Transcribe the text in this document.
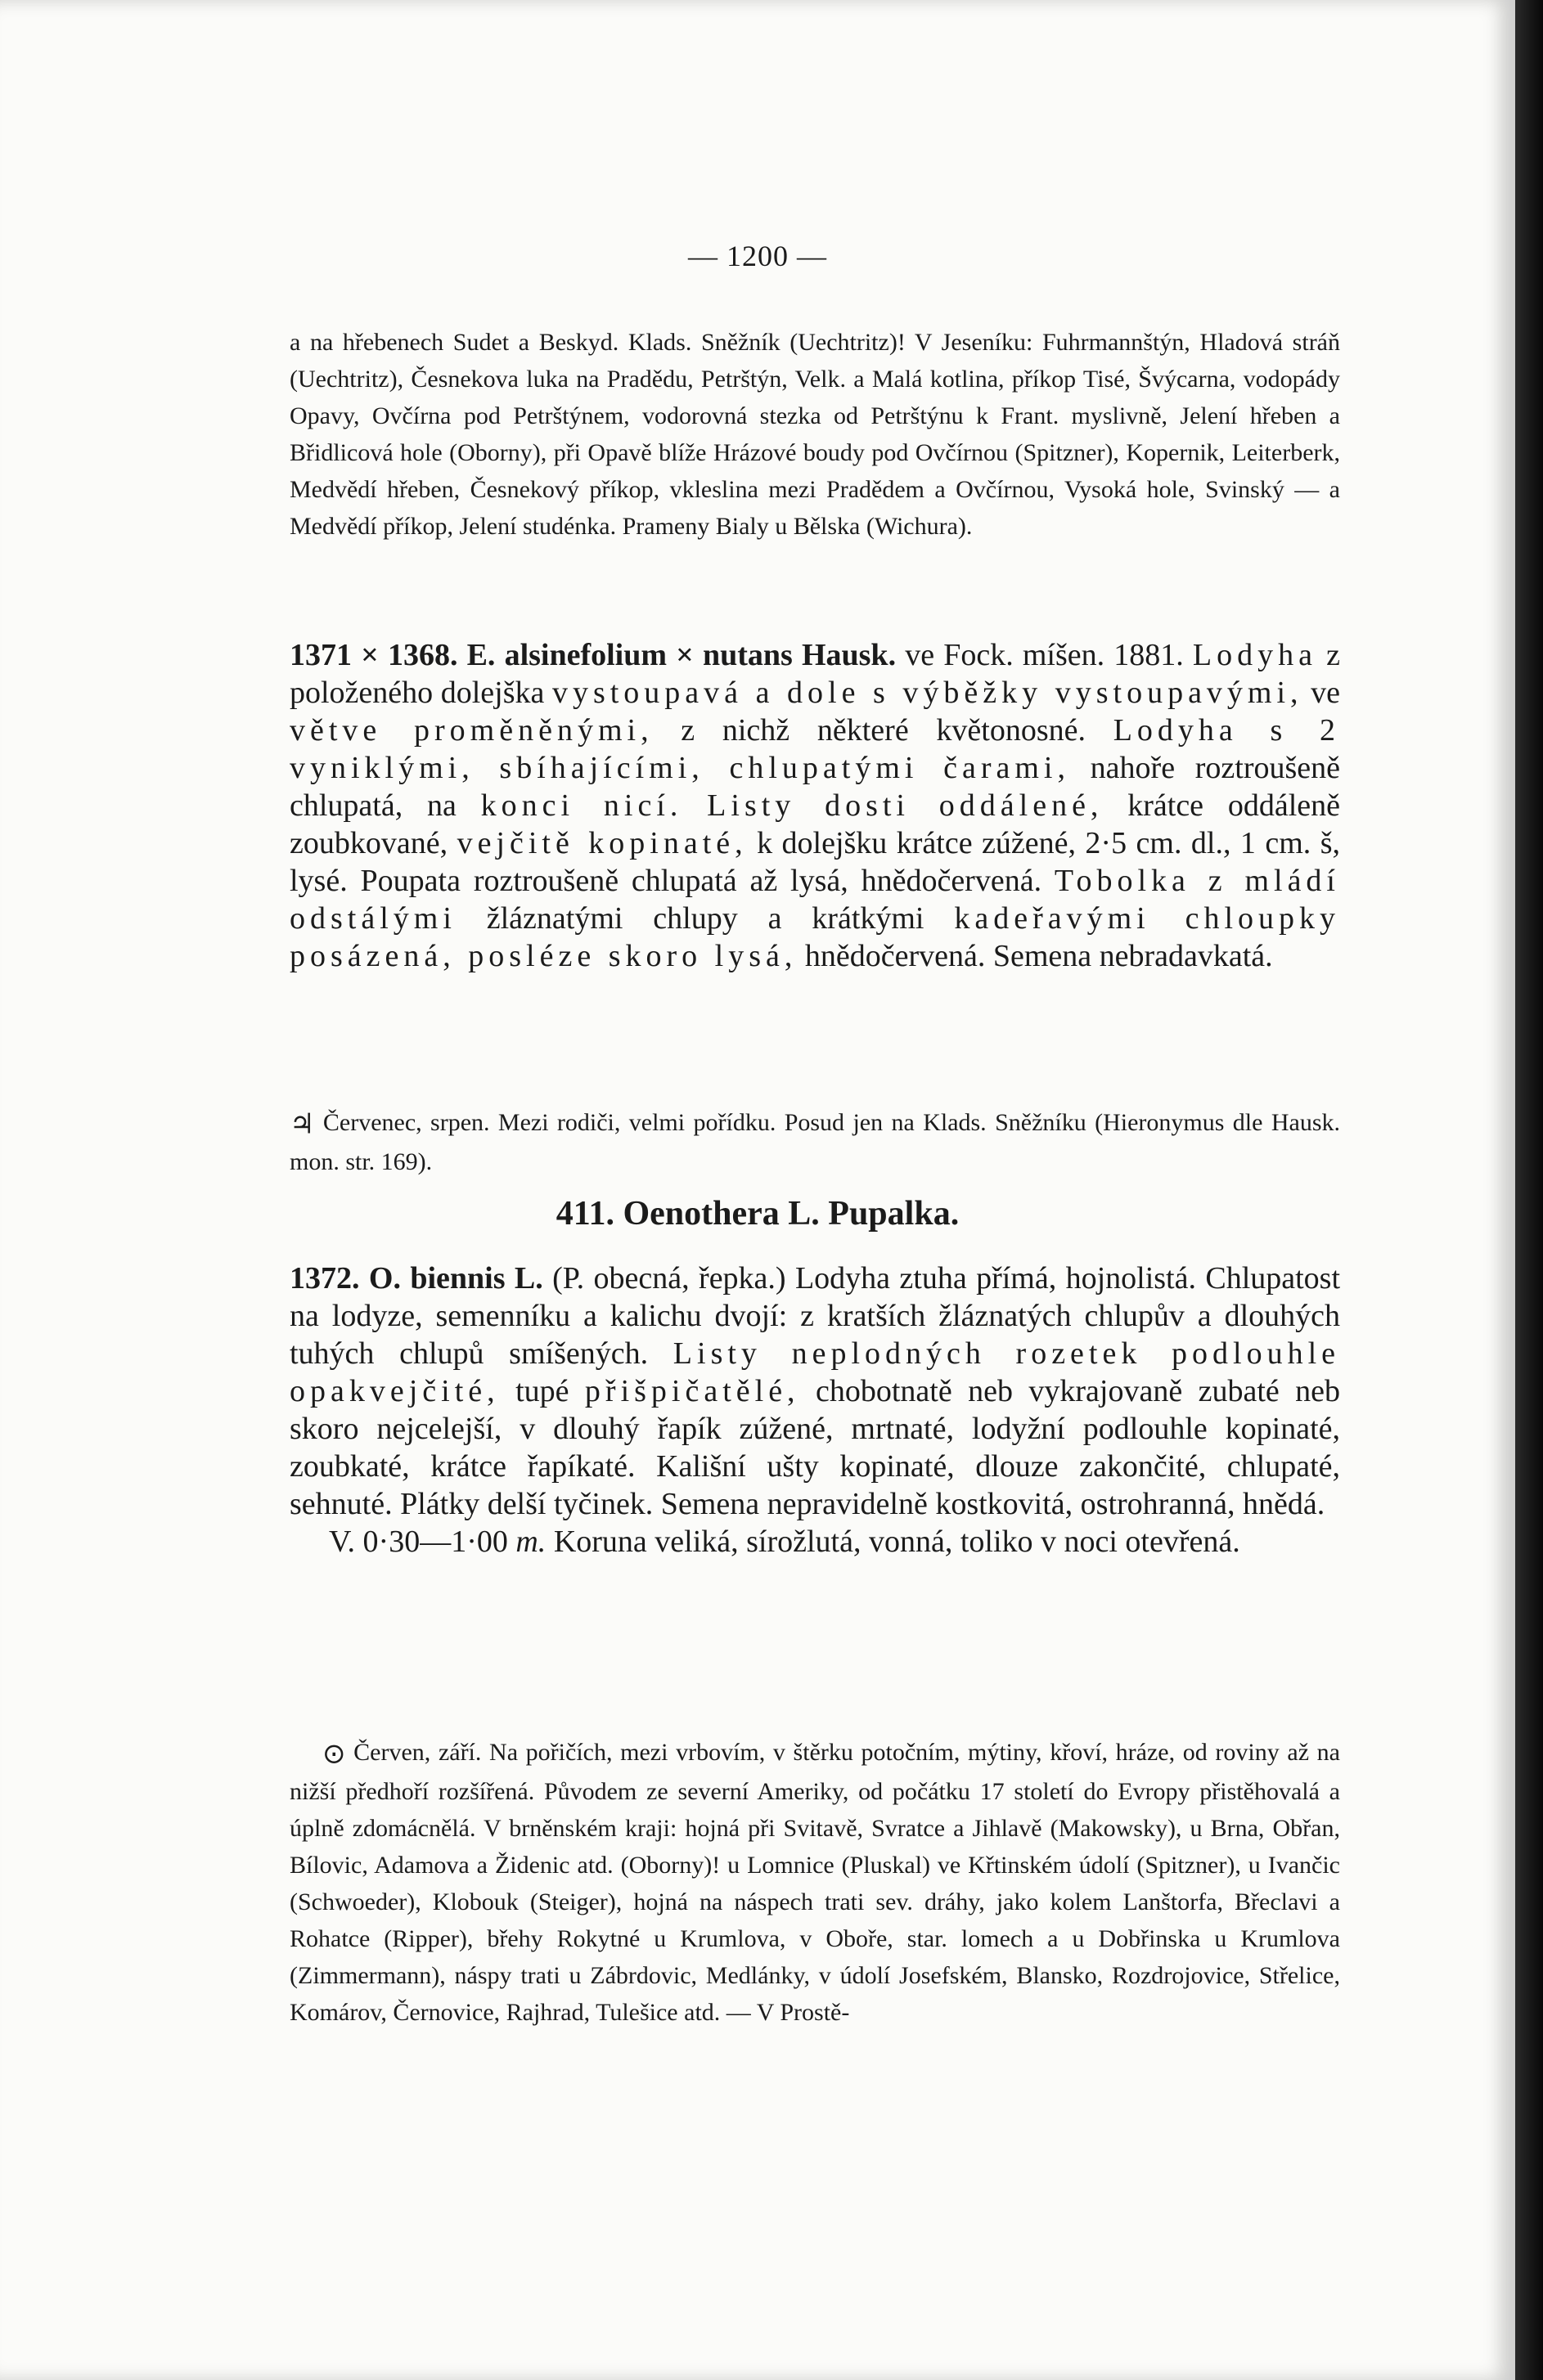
— 1200 —

a na hřebenech Sudet a Beskyd. Klads. Sněžník (Uechtritz)! V Jeseníku: Fuhrmannštýn, Hladová stráň (Uechtritz), Česnekova luka na Pradědu, Petrštýn, Velk. a Malá kotlina, příkop Tisé, Švýcarna, vodopády Opavy, Ovčírna pod Petrštýnem, vodorovná stezka od Petrštýnu k Frant. myslivně, Jelení hřeben a Břidlicová hole (Oborny), při Opavě blíže Hrázové boudy pod Ovčírnou (Spitzner), Kopernik, Leiterberk, Medvědí hřeben, Česnekový příkop, vkleslina mezi Pradědem a Ovčírnou, Vysoká hole, Svinský — a Medvědí příkop, Jelení studénka. Prameny Bialy u Bělska (Wichura).

1371 × 1368. E. alsinefolium × nutans Hausk. ve Fock. míšen. 1881. Lodyha z položeného dolejška vystoupavá a dole s výběžky vystoupavými, ve větve proměněnými, z nichž některé květonosné. Lodyha s 2 vyniklými, sbíhajícími, chlupatými čarami, nahoře roztroušeně chlupatá, na konci nicí. Listy dosti oddálené, krátce oddáleně zoubkované, vejčitě kopinaté, k dolejšku krátce zúžené, 2·5 cm. dl., 1 cm. š, lysé. Poupata roztroušeně chlupatá až lysá, hnědočervená. Tobolka z mládí odstálými žláznatými chlupy a krátkými kadeřavými chloupky posázená, posléze skoro lysá, hnědočervená. Semena nebradavkatá.

♃ Červenec, srpen. Mezi rodiči, velmi pořídku. Posud jen na Klads. Sněžníku (Hieronymus dle Hausk. mon. str. 169).

411. Oenothera L. Pupalka.

1372. O. biennis L. (P. obecná, řepka.) Lodyha ztuha přímá, hojnolistá. Chlupatost na lodyze, semenníku a kalichu dvojí: z kratších žláznatých chlupův a dlouhých tuhých chlupů smíšených. Listy neplodných rozetek podlouhle opakvejčité, tupé přišpičatělé, chobotnatě neb vykrajovaně zubaté neb skoro nejcelejší, v dlouhý řapík zúžené, mrtnaté, lodyžní podlouhle kopinaté, zoubkaté, krátce řapíkaté. Kališní ušty kopinaté, dlouze zakončité, chlupaté, sehnuté. Plátky delší tyčinek. Semena nepravidelně kostkovitá, ostrohranná, hnědá.

V. 0·30—1·00 m. Koruna veliká, sírožlutá, vonná, toliko v noci otevřená.

⊙ Červen, září. Na pořičích, mezi vrbovím, v štěrku potočním, mýtiny, křoví, hráze, od roviny až na nižší předhoří rozšířená. Původem ze severní Ameriky, od počátku 17 století do Evropy přistěhovalá a úplně zdomácnělá. V brněnském kraji: hojná při Svitavě, Svratce a Jihlavě (Makowsky), u Brna, Obřan, Bílovic, Adamova a Židenic atd. (Oborny)! u Lomnice (Pluskal) ve Křtinském údolí (Spitzner), u Ivančic (Schwoeder), Klobouk (Steiger), hojná na náspech trati sev. dráhy, jako kolem Lanštorfa, Břeclavi a Rohatce (Ripper), břehy Rokytné u Krumlova, v Oboře, star. lomech a u Dobřinska u Krumlova (Zimmermann), náspy trati u Zábrdovic, Medlánky, v údolí Josefském, Blansko, Rozdrojovice, Střelice, Komárov, Černovice, Rajhrad, Tulešice atd. — V Prostě-
